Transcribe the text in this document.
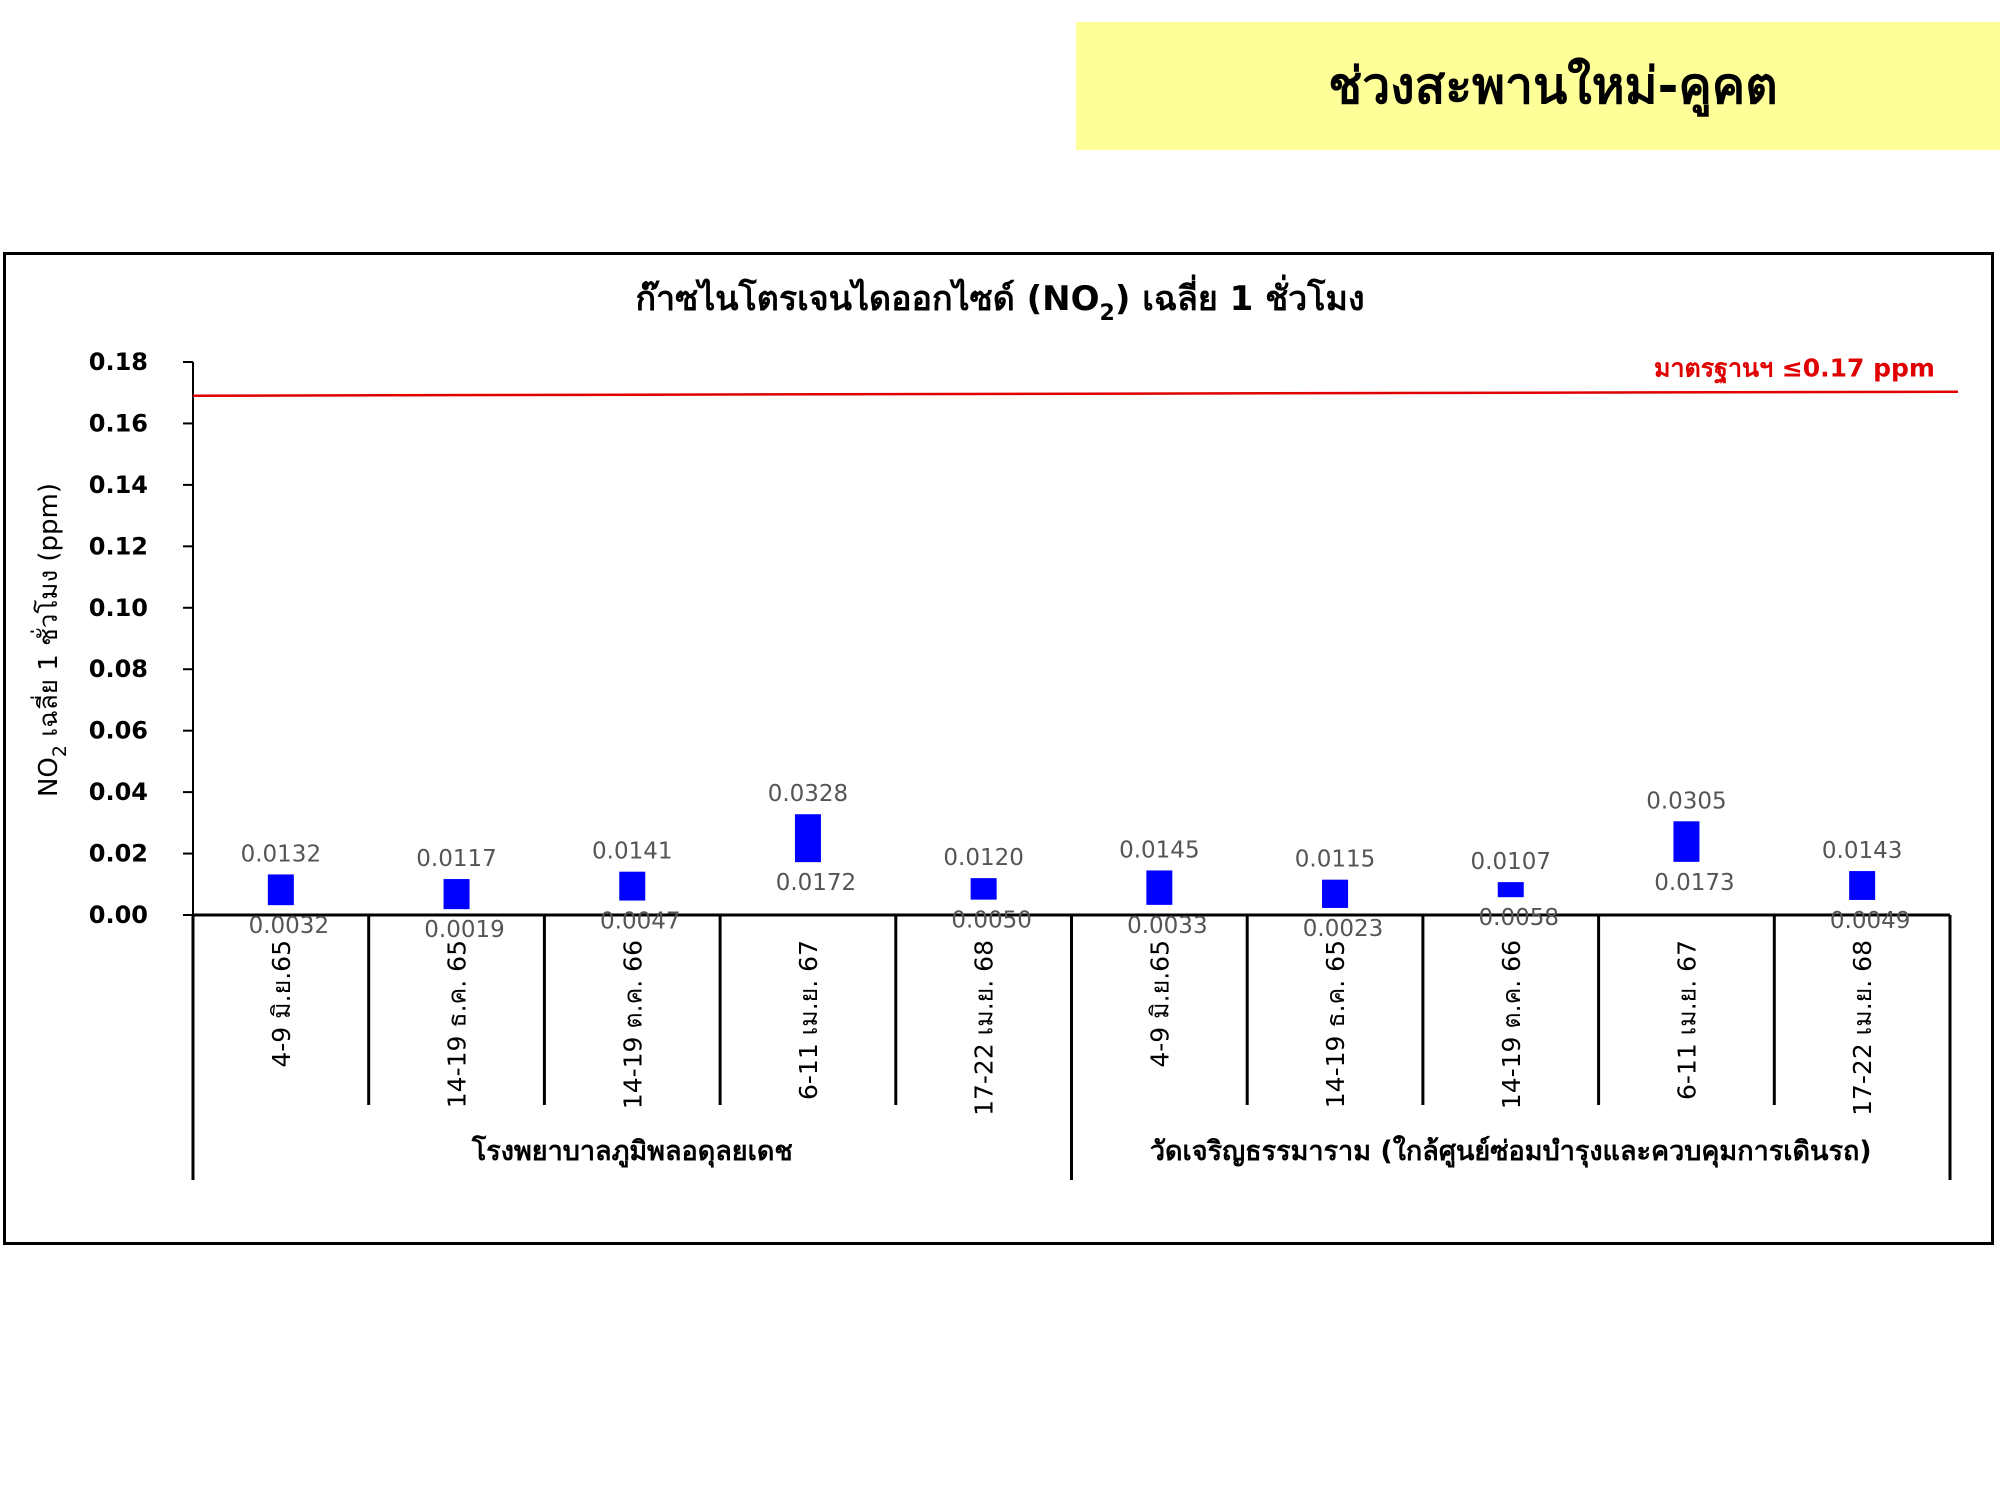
ช่วงสะพานใหม่-คูคต
ก๊าซไนโตรเจนไดออกไซด์ $(NO_2)$ เฉลี่ย 1 ชั่วโมง
$NO_2$ เฉลี่ย 1 ชั่วโมง (ppm)
0.00
0.02
0.04
0.06
0.08
0.10
0.12
0.14
0.16
0.18
0.0132
0.0032
4-9 มิ.ย.65
0.0117
0.0019
14-19 ธ.ค. 65
0.0141
0.0047
14-19 ต.ค. 66
0.0328
0.0172
6-11 เม.ย. 67
0.0120
0.0050
17-22 เม.ย. 68
0.0145
0.0033
4-9 มิ.ย.65
0.0115
0.0023
14-19 ธ.ค. 65
0.0107
0.0058
14-19 ต.ค. 66
0.0305
0.0173
6-11 เม.ย. 67
0.0143
0.0049
17-22 เม.ย. 68
โรงพยาบาลภูมิพลอดุลยเดช	วัดเจริญธรรมาราม (ใกล้ศูนย์ซ่อมบำรุงและควบคุมการเดินรถ)
มาตรฐานฯ ≤0.17 ppm
